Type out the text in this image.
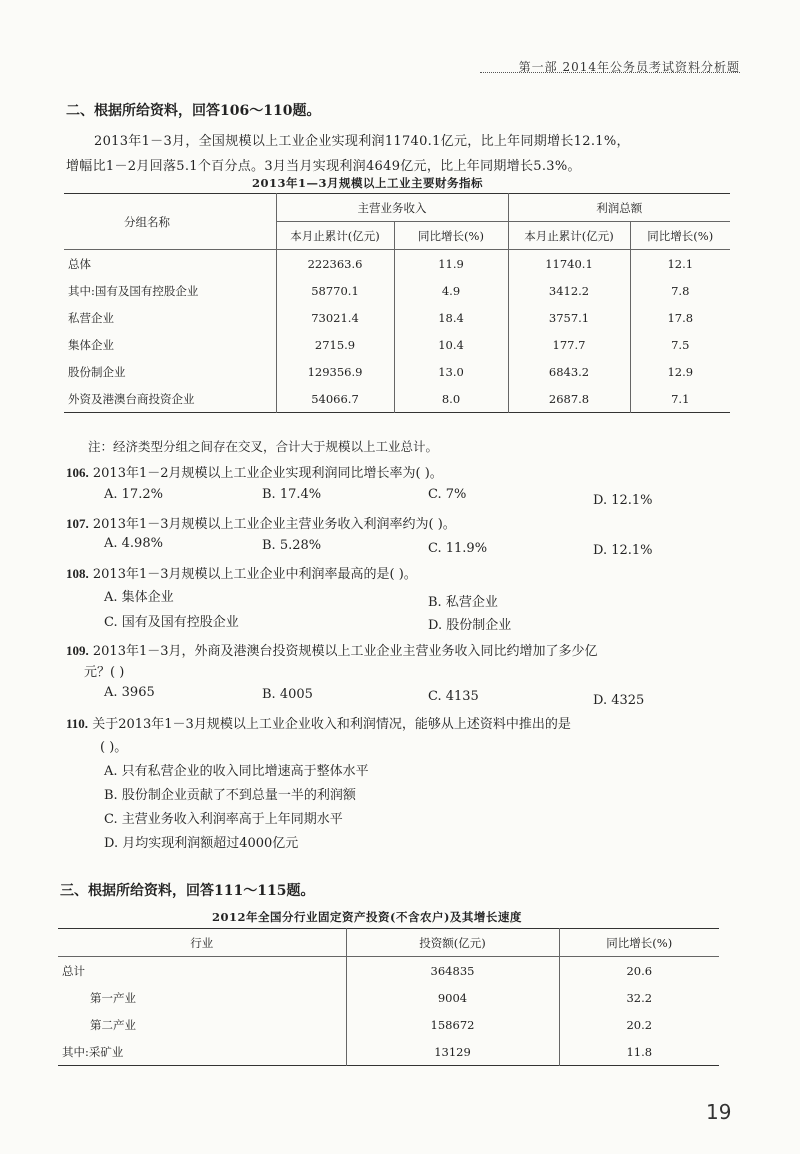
第一部 2014年公务员考试资料分析题
二、根据所给资料，回答106～110题。
2013年1－3月，全国规模以上工业企业实现利润11740.1亿元，比上年同期增长12.1%，
增幅比1－2月回落5.1个百分点。3月当月实现利润4649亿元，比上年同期增长5.3%。
2013年1—3月规模以上工业主要财务指标
分组名称	主营业务收入		利润总额	
	本月止累计(亿元)	同比增长(%)	本月止累计(亿元)	同比增长(%)
总体	222363.6	11.9	11740.1	12.1
其中:国有及国有控股企业	58770.1	4.9	3412.2	7.8
私营企业	73021.4	18.4	3757.1	17.8
集体企业	2715.9	10.4	177.7	7.5
股份制企业	129356.9	13.0	6843.2	12.9
外资及港澳台商投资企业	54066.7	8.0	2687.8	7.1
注：经济类型分组之间存在交叉，合计大于规模以上工业总计。
106. 2013年1－2月规模以上工业企业实现利润同比增长率为( )。
A. 17.2%	B. 17.4%	C. 7%	D. 12.1%
107. 2013年1－3月规模以上工业企业主营业务收入利润率约为( )。
A. 4.98%	B. 5.28%	C. 11.9%	D. 12.1%
108. 2013年1－3月规模以上工业企业中利润率最高的是( )。
A. 集体企业	B. 私营企业
C. 国有及国有控股企业	D. 股份制企业
109. 2013年1－3月，外商及港澳台投资规模以上工业企业主营业务收入同比约增加了多少亿
元？( )
A. 3965	B. 4005	C. 4135	D. 4325
110. 关于2013年1－3月规模以上工业企业收入和利润情况，能够从上述资料中推出的是
( )。
A. 只有私营企业的收入同比增速高于整体水平
B. 股份制企业贡献了不到总量一半的利润额
C. 主营业务收入利润率高于上年同期水平
D. 月均实现利润额超过4000亿元
三、根据所给资料，回答111～115题。
2012年全国分行业固定资产投资(不含农户)及其增长速度
行业	投资额(亿元)	同比增长(%)
总计	364835	20.6
第一产业	9004	32.2
第二产业	158672	20.2
其中:采矿业	13129	11.8
19
